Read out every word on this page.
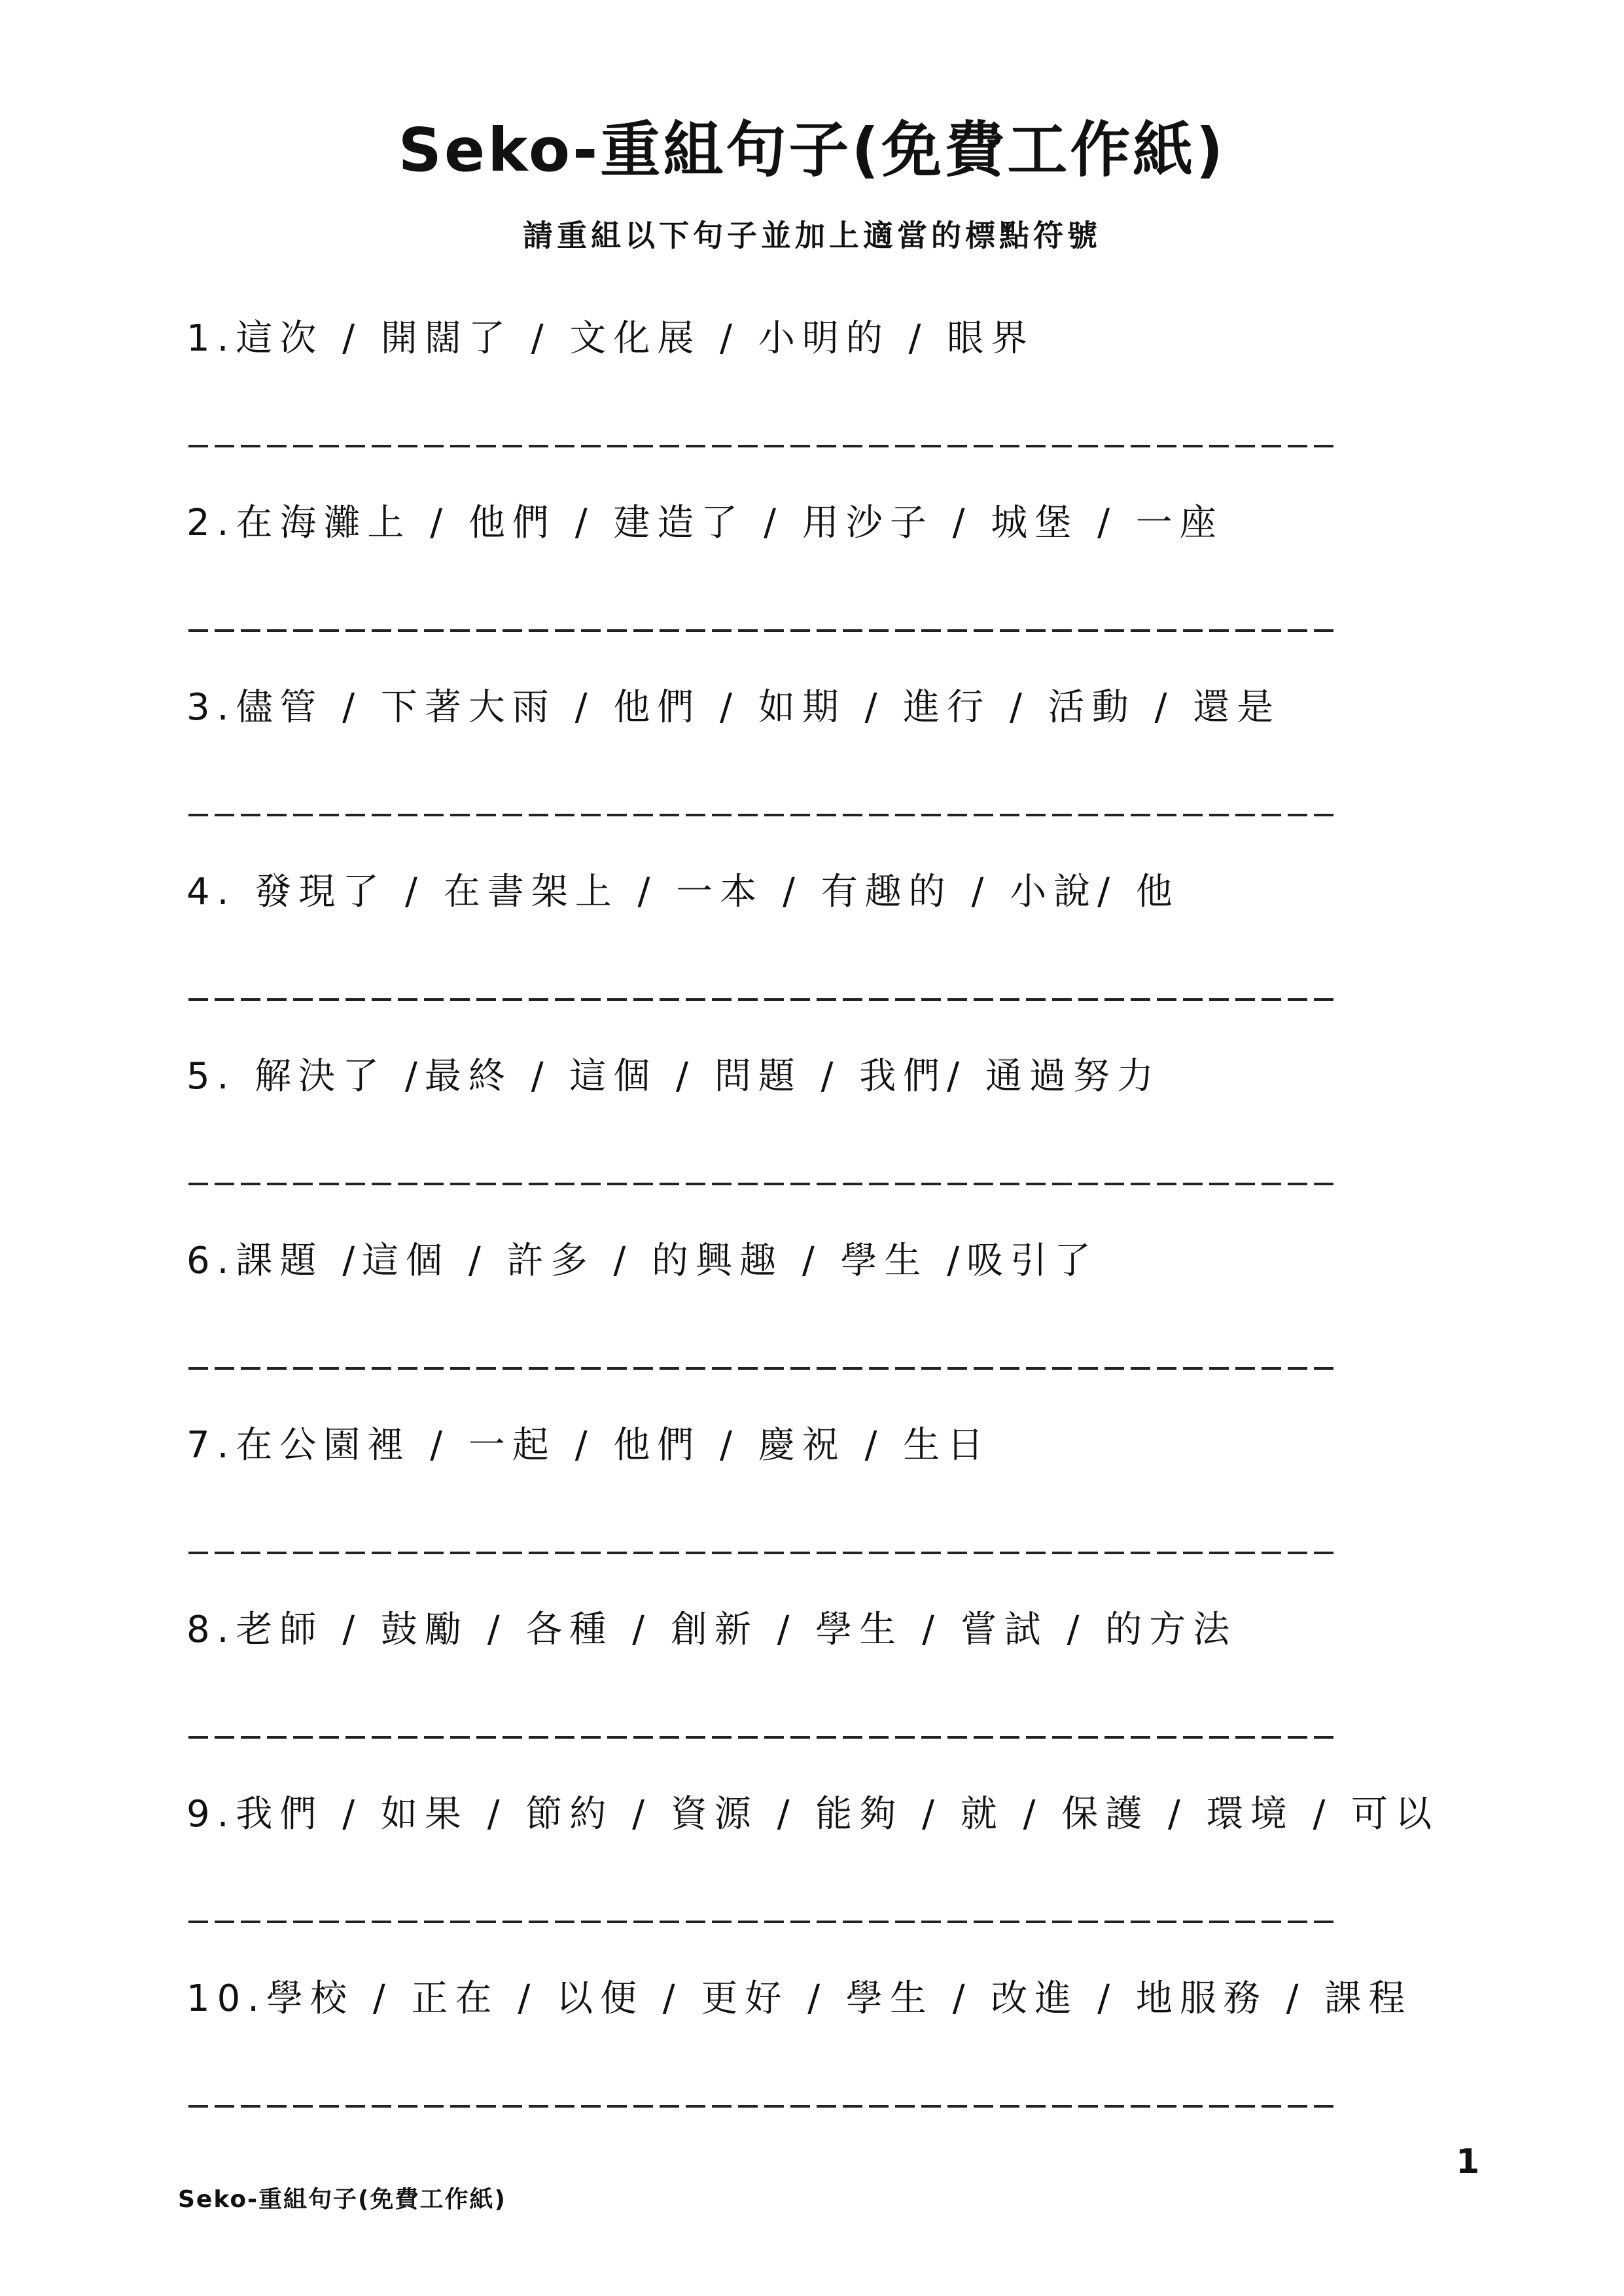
Seko-重組句子(免費工作紙)
請重組以下句子並加上適當的標點符號
1.這次 / 開闊了 / 文化展 / 小明的 / 眼界
2.在海灘上 / 他們 / 建造了 / 用沙子 / 城堡 / 一座
3.儘管 / 下著大雨 / 他們 / 如期 / 進行 / 活動 / 還是
4. 發現了 / 在書架上 / 一本 / 有趣的 / 小說/ 他
5. 解決了 /最終 / 這個 / 問題 / 我們/ 通過努力
6.課題 /這個 / 許多 / 的興趣 / 學生 /吸引了
7.在公園裡 / 一起 / 他們 / 慶祝 / 生日
8.老師 / 鼓勵 / 各種 / 創新 / 學生 / 嘗試 / 的方法
9.我們 / 如果 / 節約 / 資源 / 能夠 / 就 / 保護 / 環境 / 可以
10.學校 / 正在 / 以便 / 更好 / 學生 / 改進 / 地服務 / 課程
1
Seko-重組句子(免費工作紙)
